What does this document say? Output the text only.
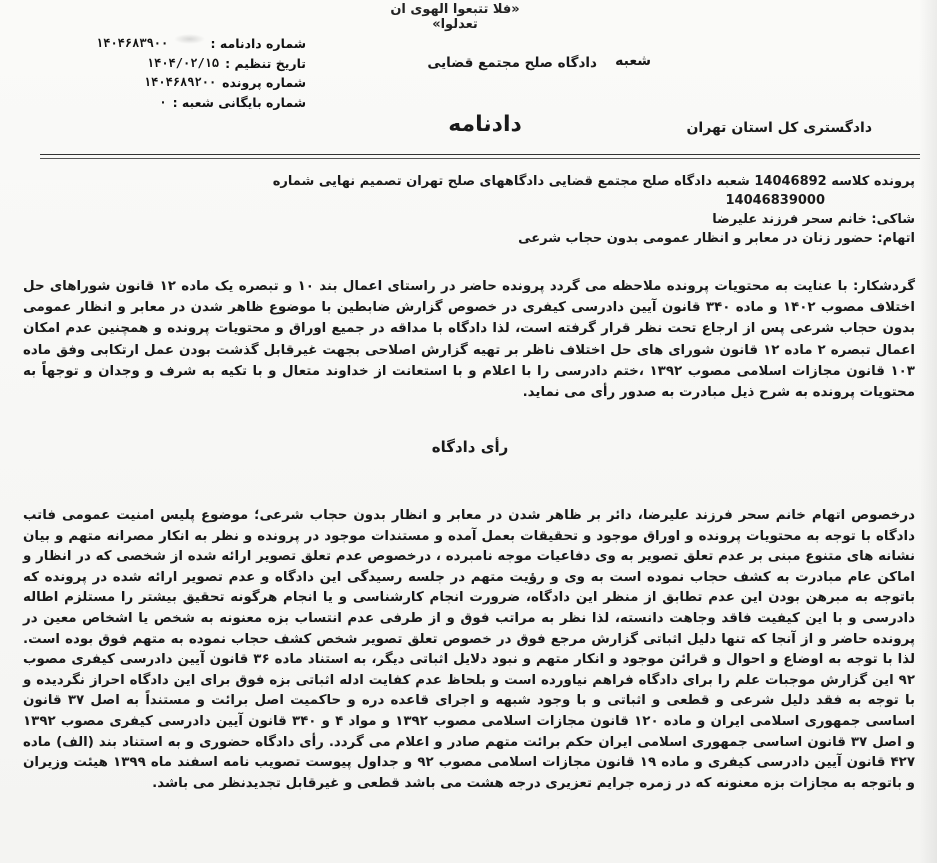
«فلا تتبعوا الهوی ان تعدلوا»
شماره دادنامه :
۱۴۰۴۶۸۳۹۰۰
تاریخ تنظیم :
۱۴۰۴/۰۲/۱۵
شماره پرونده
۱۴۰۴۶۸۹۲۰۰
شماره بایگانی شعبه :
۰
شعبه
دادگاه صلح مجتمع قضایی
دادنامه	دادگستری کل استان تهران
پرونده کلاسه 14046892 شعبه دادگاه صلح مجتمع قضایی دادگاههای صلح تهران تصمیم نهایی شماره
14046839000
شاکی: خانم سحر فرزند علیرضا
اتهام: حضور زنان در معابر و انظار عمومی بدون حجاب شرعی
گردشکار: با عنایت به محتویات پرونده ملاحظه می گردد پرونده حاضر در راستای اعمال بند ۱۰ و تبصره یک ماده ۱۲ قانون شوراهای حل اختلاف مصوب ۱۴۰۲ و ماده ۳۴۰ قانون آیین دادرسی کیفری در خصوص گزارش ضابطین با موضوع ظاهر شدن در معابر و انظار عمومی بدون حجاب شرعی پس از ارجاع تحت نظر قرار گرفته است، لذا دادگاه با مداقه در جمیع اوراق و محتویات پرونده و همچنین عدم امکان اعمال تبصره ۲ ماده ۱۲ قانون شورای های حل اختلاف ناظر بر تهیه گزارش اصلاحی بجهت غیرقابل گذشت بودن عمل ارتکابی وفق ماده ۱۰۳ قانون مجازات اسلامی مصوب ۱۳۹۲ ،ختم دادرسی را با اعلام و با استعانت از خداوند متعال و با تکیه به شرف و وجدان و توجهاً به محتویات پرونده به شرح ذیل مبادرت به صدور رأی می نماید.
رأی دادگاه
درخصوص اتهام خانم سحر فرزند علیرضا، دائر بر ظاهر شدن در معابر و انظار بدون حجاب شرعی؛ موضوع پلیس امنیت عمومی فاتب دادگاه با توجه به محتویات پرونده و اوراق موجود و تحقیقات بعمل آمده و مستندات موجود در پرونده و نظر به انکار مصرانه متهم و بیان نشانه های متنوع مبنی بر عدم تعلق تصویر به وی دفاعیات موجه نامبرده ، درخصوص عدم تعلق تصویر ارائه شده از شخصی که در انظار و اماکن عام مبادرت به کشف حجاب نموده است به وی و رؤیت متهم در جلسه رسیدگی این دادگاه و عدم تصویر ارائه شده در پرونده که باتوجه به مبرهن بودن این عدم تطابق از منظر این دادگاه، ضرورت انجام کارشناسی و یا انجام هرگونه تحقیق بیشتر را مستلزم اطاله دادرسی و با این کیفیت فاقد وجاهت دانسته، لذا نظر به مراتب فوق و از طرفی عدم انتساب بزه معنونه به شخص یا اشخاص معین در پرونده حاضر و از آنجا که تنها دلیل اثباتی گزارش مرجع فوق در خصوص تعلق تصویر شخص کشف حجاب نموده به متهم فوق بوده است. لذا با توجه به اوضاع و احوال و قرائن موجود و انکار متهم و نبود دلایل اثباتی دیگر، به استناد ماده ۳۶ قانون آیین دادرسی کیفری مصوب ۹۲ این گزارش موجبات علم را برای دادگاه فراهم نیاورده است و بلحاظ عدم کفایت ادله اثباتی بزه فوق برای این دادگاه احراز نگردیده و با توجه به فقد دلیل شرعی و قطعی و اثباتی و با وجود شبهه و اجرای قاعده دره و حاکمیت اصل برائت و مستنداً به اصل ۳۷ قانون اساسی جمهوری اسلامی ایران و ماده ۱۲۰ قانون مجازات اسلامی مصوب ۱۳۹۲ و مواد ۴ و ۳۴۰ قانون آیین دادرسی کیفری مصوب ۱۳۹۲ و اصل ۳۷ قانون اساسی جمهوری اسلامی ایران حکم برائت متهم صادر و اعلام می گردد. رأی دادگاه حضوری و به استناد بند (الف) ماده ۴۲۷ قانون آیین دادرسی کیفری و ماده ۱۹ قانون مجازات اسلامی مصوب ۹۲ و جداول پیوست تصویب نامه اسفند ماه ۱۳۹۹ هیئت وزیران و باتوجه به مجازات بزه معنونه که در زمره جرایم تعزیری درجه هشت می باشد قطعی و غیرقابل تجدیدنظر می باشد.
